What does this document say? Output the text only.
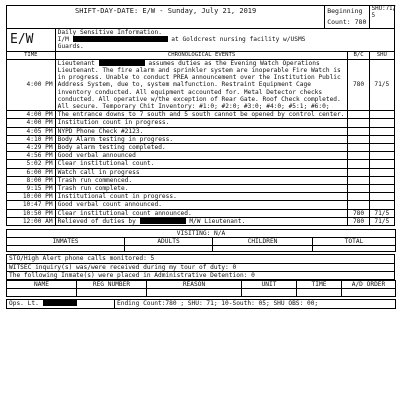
SHIFT-DAY-DATE: E/W - Sunday, July 21, 2019		Beginning Count: 780		SHU:71/
5
E/W	Daily Sensitive Information.
I/M at Goldcrest nursing facility w/USMS
Guards.			
TIME	CHRONOLOGICAL EVENTS		B/C	SHU
4:00 PM	Lieutenant assumes duties as the Evening Watch Operations Lieutenant. The fire alarm and sprinkler system are inoperable Fire Watch is in progress. Unable to conduct PREA announcement over the Institution Public Address System, due to, system malfunction. Restraint Equipment Cage inventory conducted. All equipment accounted for. Metal Detector checks conducted. All operative w/the exception of Rear Gate. Roof Check completed. All secure. Temporary Chit Inventory: #1:0; #2:0; #3:0; #4:0; #5:1; #6:0;		780	71/5
4:00 PM	The entrance downs to 7 south and 5 south cannot be opened by control center.			
4:00 PM	Institution count in progress.			
4:05 PM	NYPD Phone Check #2123.			
4:10 PM	Body Alarm testing in progress.			
4:29 PM	Body alarm testing completed.			
4:56 PM	Good verbal announced			
5:02 PM	Clear institutional count.			
6:00 PM	Watch call in progress			
8:00 PM	Trash run commenced.			
9:15 PM	Trash run complete.			
10:00 PM	Institutional count in progress.			
10:47 PM	Good verbal count announced.			
10:50 PM	Clear institutional count announced.		780	71/5
12:00 AM	Relieved of duties by M/W Lieutenant.		780	71/5
VISITING: N/A			
INMATES	ADULTS	CHILDREN	TOTAL

STO/High Alert phone calls monitored: 5
WITSEC inquiry(s) was/were received during my tour of duty: 0
The following Inmate(s) were placed in Administrative Detention: 0
NAME	REG NUMBER	REASON	UNIT	TIME	A/D ORDER

Ops. Lt.	Ending Count:780 ; SHU: 71; 10-South: 05; SHU OBS: 00;
